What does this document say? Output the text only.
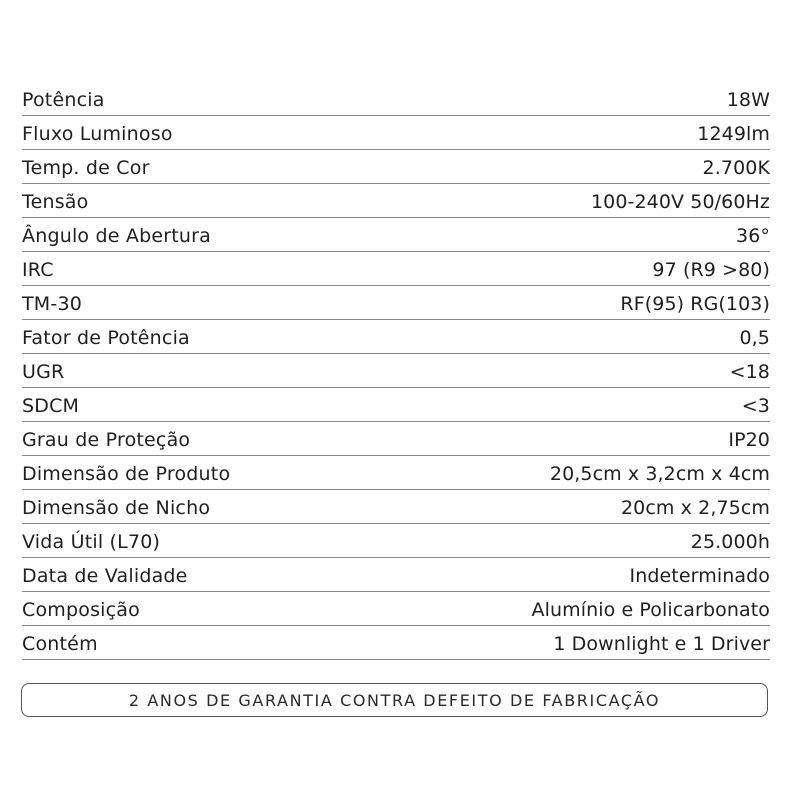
Potência	18W
Fluxo Luminoso	1249lm
Temp. de Cor	2.700K
Tensão	100-240V 50/60Hz
Ângulo de Abertura	36°
IRC	97 (R9 >80)
TM-30	RF(95) RG(103)
Fator de Potência	0,5
UGR	<18
SDCM	<3
Grau de Proteção	IP20
Dimensão de Produto	20,5cm x 3,2cm x 4cm
Dimensão de Nicho	20cm x 2,75cm
Vida Útil (L70)	25.000h
Data de Validade	Indeterminado
Composição	Alumínio e Policarbonato
Contém	1 Downlight e 1 Driver
2 ANOS DE GARANTIA CONTRA DEFEITO DE FABRICAÇÃO
